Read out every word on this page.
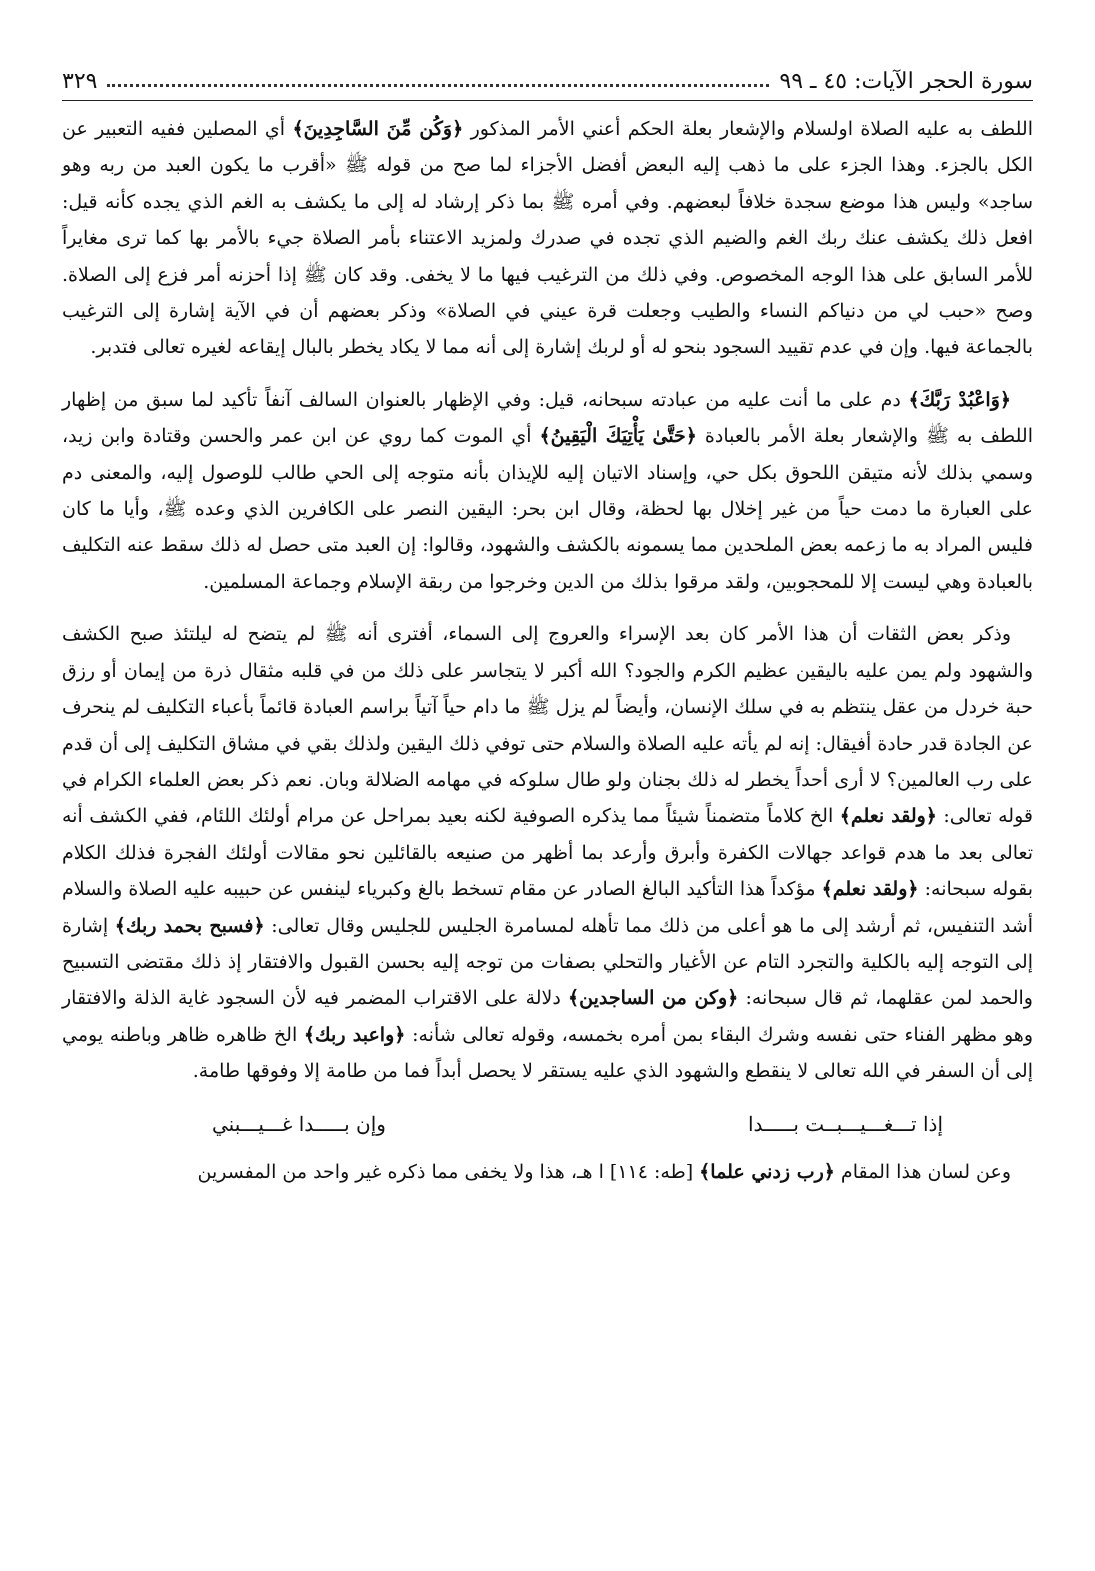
سورة الحجر الآيات: ٤٥ ـ ٩٩
٣٢٩

اللطف به عليه الصلاة اولسلام والإشعار بعلة الحكم أعني الأمر المذكور ﴿وَكُن مِّنَ السَّاجِدِينَ﴾ أي المصلين ففيه التعبير عن الكل بالجزء. وهذا الجزء على ما ذهب إليه البعض أفضل الأجزاء لما صح من قوله ﷺ «أقرب ما يكون العبد من ربه وهو ساجد» وليس هذا موضع سجدة خلافاً لبعضهم. وفي أمره ﷺ بما ذكر إرشاد له إلى ما يكشف به الغم الذي يجده كأنه قيل: افعل ذلك يكشف عنك ربك الغم والضيم الذي تجده في صدرك ولمزيد الاعتناء بأمر الصلاة جيء بالأمر بها كما ترى مغايراً للأمر السابق على هذا الوجه المخصوص. وفي ذلك من الترغيب فيها ما لا يخفى. وقد كان ﷺ إذا أحزنه أمر فزع إلى الصلاة. وصح «حبب لي من دنياكم النساء والطيب وجعلت قرة عيني في الصلاة» وذكر بعضهم أن في الآية إشارة إلى الترغيب بالجماعة فيها. وإن في عدم تقييد السجود بنحو له أو لربك إشارة إلى أنه مما لا يكاد يخطر بالبال إيقاعه لغيره تعالى فتدبر.

﴿وَاعْبُدْ رَبَّكَ﴾ دم على ما أنت عليه من عبادته سبحانه، قيل: وفي الإظهار بالعنوان السالف آنفاً تأكيد لما سبق من إظهار اللطف به ﷺ والإشعار بعلة الأمر بالعبادة ﴿حَتَّىٰ يَأْتِيَكَ الْيَقِينُ﴾ أي الموت كما روي عن ابن عمر والحسن وقتادة وابن زيد، وسمي بذلك لأنه متيقن اللحوق بكل حي، وإسناد الاتيان إليه للإيذان بأنه متوجه إلى الحي طالب للوصول إليه، والمعنى دم على العبارة ما دمت حياً من غير إخلال بها لحظة، وقال ابن بحر: اليقين النصر على الكافرين الذي وعده ﷺ، وأيا ما كان فليس المراد به ما زعمه بعض الملحدين مما يسمونه بالكشف والشهود، وقالوا: إن العبد متى حصل له ذلك سقط عنه التكليف بالعبادة وهي ليست إلا للمحجوبين، ولقد مرقوا بذلك من الدين وخرجوا من ربقة الإسلام وجماعة المسلمين.

وذكر بعض الثقات أن هذا الأمر كان بعد الإسراء والعروج إلى السماء، أفترى أنه ﷺ لم يتضح له ليلتئذ صبح الكشف والشهود ولم يمن عليه باليقين عظيم الكرم والجود؟ الله أكبر لا يتجاسر على ذلك من في قلبه مثقال ذرة من إيمان أو رزق حبة خردل من عقل ينتظم به في سلك الإنسان، وأيضاً لم يزل ﷺ ما دام حياً آتياً براسم العبادة قائماً بأعباء التكليف لم ينحرف عن الجادة قدر حادة أفيقال: إنه لم يأته عليه الصلاة والسلام حتى توفي ذلك اليقين ولذلك بقي في مشاق التكليف إلى أن قدم على رب العالمين؟ لا أرى أحداً يخطر له ذلك بجنان ولو طال سلوكه في مهامه الضلالة وبان. نعم ذكر بعض العلماء الكرام في قوله تعالى: ﴿ولقد نعلم﴾ الخ كلاماً متضمناً شيئاً مما يذكره الصوفية لكنه بعيد بمراحل عن مرام أولئك اللئام، ففي الكشف أنه تعالى بعد ما هدم قواعد جهالات الكفرة وأبرق وأرعد بما أظهر من صنيعه بالقائلين نحو مقالات أولئك الفجرة فذلك الكلام بقوله سبحانه: ﴿ولقد نعلم﴾ مؤكداً هذا التأكيد البالغ الصادر عن مقام تسخط بالغ وكبرياء لينفس عن حبيبه عليه الصلاة والسلام أشد التنفيس، ثم أرشد إلى ما هو أعلى من ذلك مما تأهله لمسامرة الجليس للجليس وقال تعالى: ﴿فسبح بحمد ربك﴾ إشارة إلى التوجه إليه بالكلية والتجرد التام عن الأغيار والتحلي بصفات من توجه إليه بحسن القبول والافتقار إذ ذلك مقتضى التسبيح والحمد لمن عقلهما، ثم قال سبحانه: ﴿وكن من الساجدين﴾ دلالة على الاقتراب المضمر فيه لأن السجود غاية الذلة والافتقار وهو مظهر الفناء حتى نفسه وشرك البقاء بمن أمره بخمسه، وقوله تعالى شأنه: ﴿واعبد ربك﴾ الخ ظاهره ظاهر وباطنه يومي إلى أن السفر في الله تعالى لا ينقطع والشهود الذي عليه يستقر لا يحصل أبداً فما من طامة إلا وفوقها طامة.

إذا تـــغـــيـــبــت بـــــدا
وإن بـــــدا غـــيـــبني

وعن لسان هذا المقام ﴿رب زدني علما﴾ [طه: ١١٤] ا هـ، هذا ولا يخفى مما ذكره غير واحد من المفسرين
